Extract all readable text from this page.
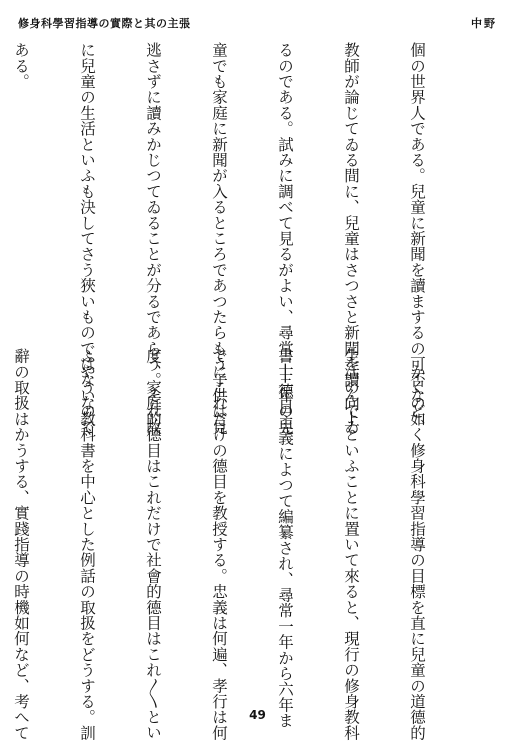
修身科學習指導の實際と其の主張	中野

個の世界人である。兒童に新聞を讀まするの可否など、

教師が論じてゐる間に、兒童はさつさと新聞を讀んでゐ

るのである。試みに調べて見るがよい、尋常二三年の兒

童でも家庭に新聞が入るところであつたらもう子供は見

逃さずに讀みかじつてゐることが分るであらう。それ故

に兒童の生活といふも決してさう狹いものではないので

ある。

　かくの如く修身科學習指導の目標を直に兒童の道德的

生活の向上といふことに置いて來ると、現行の修身教科

書──德目主義によつて編纂され、尋常一年から六年ま

でにこれだけの德目を教授する。忠義は何遍、孝行は何

度、家庭的德目はこれだけで社會的德目はこれ〳〵とい

ふやうな教科書を中心とした例話の取扱をどうする。訓

辭の取扱はかうする、實踐指導の時機如何など、考へて

	49
